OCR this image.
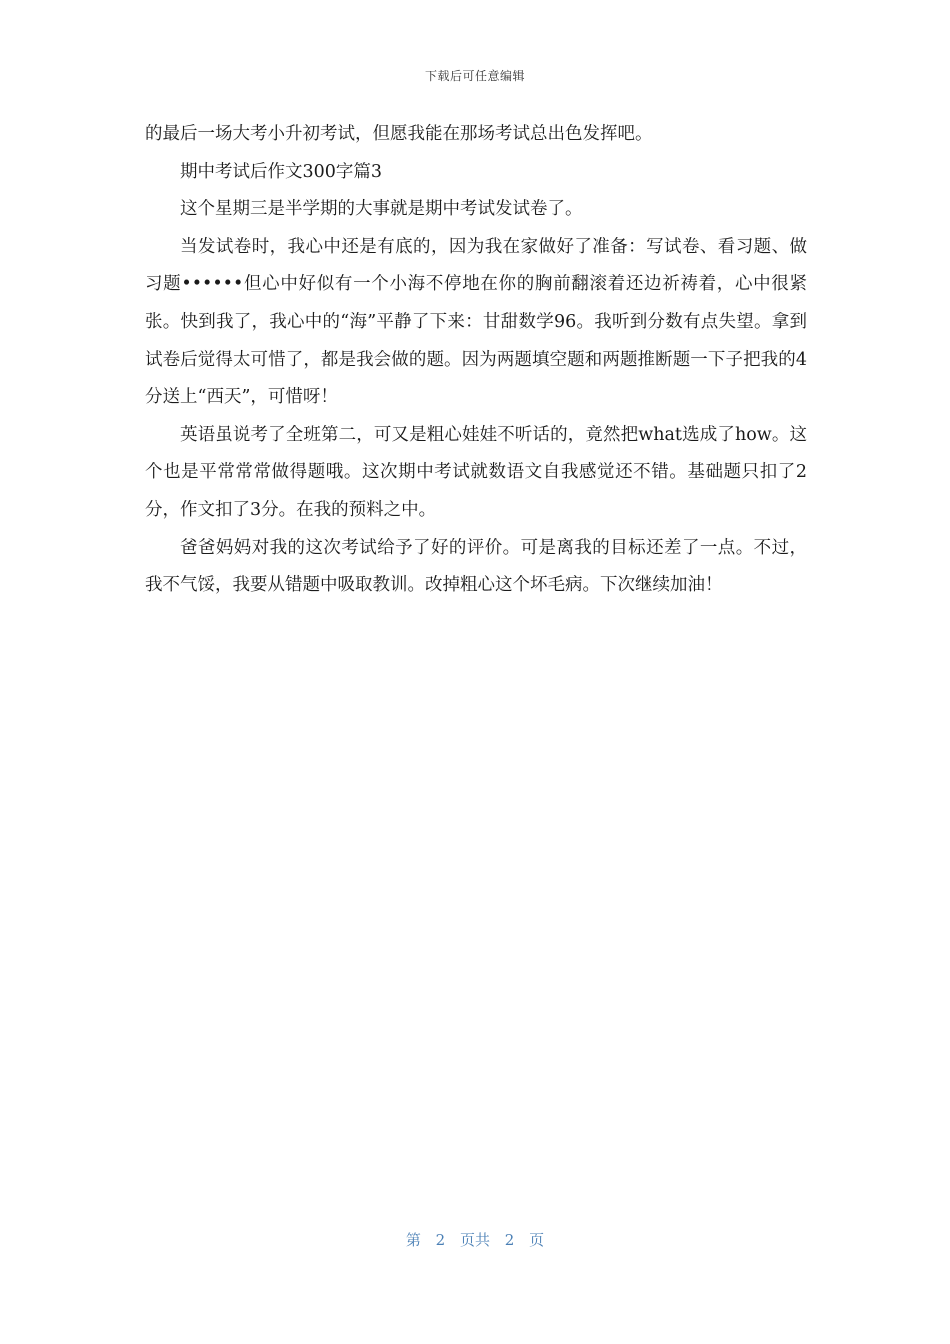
下载后可任意编辑

的最后一场大考小升初考试，但愿我能在那场考试总出色发挥吧。

期中考试后作文300字篇3

这个星期三是半学期的大事就是期中考试发试卷了。

当发试卷时，我心中还是有底的，因为我在家做好了准备：写试卷、看习题、做习题••••••但心中好似有一个小海不停地在你的胸前翻滚着还边祈祷着，心中很紧张。快到我了，我心中的“海”平静了下来：甘甜数学96。我听到分数有点失望。拿到试卷后觉得太可惜了，都是我会做的题。因为两题填空题和两题推断题一下子把我的4分送上“西天”，可惜呀！

英语虽说考了全班第二，可又是粗心娃娃不听话的，竟然把what选成了how。这个也是平常常常做得题哦。这次期中考试就数语文自我感觉还不错。基础题只扣了2分，作文扣了3分。在我的预料之中。

爸爸妈妈对我的这次考试给予了好的评价。可是离我的目标还差了一点。不过，我不气馁，我要从错题中吸取教训。改掉粗心这个坏毛病。下次继续加油！

第 2 页共 2 页
